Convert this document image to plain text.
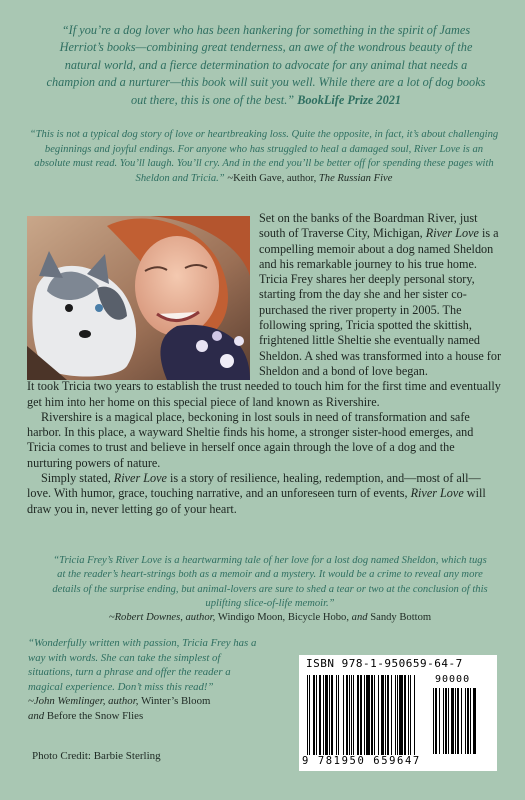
“If you’re a dog lover who has been hankering for something in the spirit of James Herriot’s books—combining great tenderness, an awe of the wondrous beauty of the natural world, and a fierce determination to advocate for any animal that needs a champion and a nurturer—this book will suit you well. While there are a lot of dog books out there, this is one of the best.” BookLife Prize 2021
“This is not a typical dog story of love or heartbreaking loss. Quite the opposite, in fact, it’s about challenging beginnings and joyful endings. For anyone who has struggled to heal a damaged soul, River Love is an absolute must read. You’ll laugh. You’ll cry. And in the end you’ll be better off for spending these pages with Sheldon and Tricia.” ~Keith Gave, author, The Russian Five

Set on the banks of the Boardman River, just south of Traverse City, Michigan, River Love is a compelling memoir about a dog named Sheldon and his remarkable journey to his true home. Tricia Frey shares her deeply personal story, starting from the day she and her sister co-purchased the river property in 2005. The following spring, Tricia spotted the skittish, frightened little Sheltie she eventually named Sheldon. A shed was transformed into a house for Sheldon and a bond of love began.

It took Tricia two years to establish the trust needed to touch him for the first time and eventually get him into her home on this special piece of land known as Rivershire.

Rivershire is a magical place, beckoning in lost souls in need of transformation and safe harbor. In this place, a wayward Sheltie finds his home, a stronger sister-hood emerges, and Tricia comes to trust and believe in herself once again through the love of a dog and the nurturing powers of nature.

Simply stated, River Love is a story of resilience, healing, redemption, and—most of all—love. With humor, grace, touching narrative, and an unforeseen turn of events, River Love will draw you in, never letting go of your heart.

“Tricia Frey’s River Love is a heartwarming tale of her love for a lost dog named Sheldon, which tugs at the reader’s heart-strings both as a memoir and a mystery. It would be a crime to reveal any more details of the surprise ending, but animal-lovers are sure to shed a tear or two at the conclusion of this uplifting slice-of-life memoir.”
~Robert Downes, author, Windigo Moon, Bicycle Hobo, and Sandy Bottom
“Wonderfully written with passion, Tricia Frey has a way with words. She can take the simplest of situations, turn a phrase and offer the reader a magical experience. Don’t miss this read!”
~John Wemlinger, author, Winter’s Bloom
and Before the Snow Flies
Photo Credit: Barbie Sterling
ISBN 978-1-950659-64-7
90000
9 781950 659647
